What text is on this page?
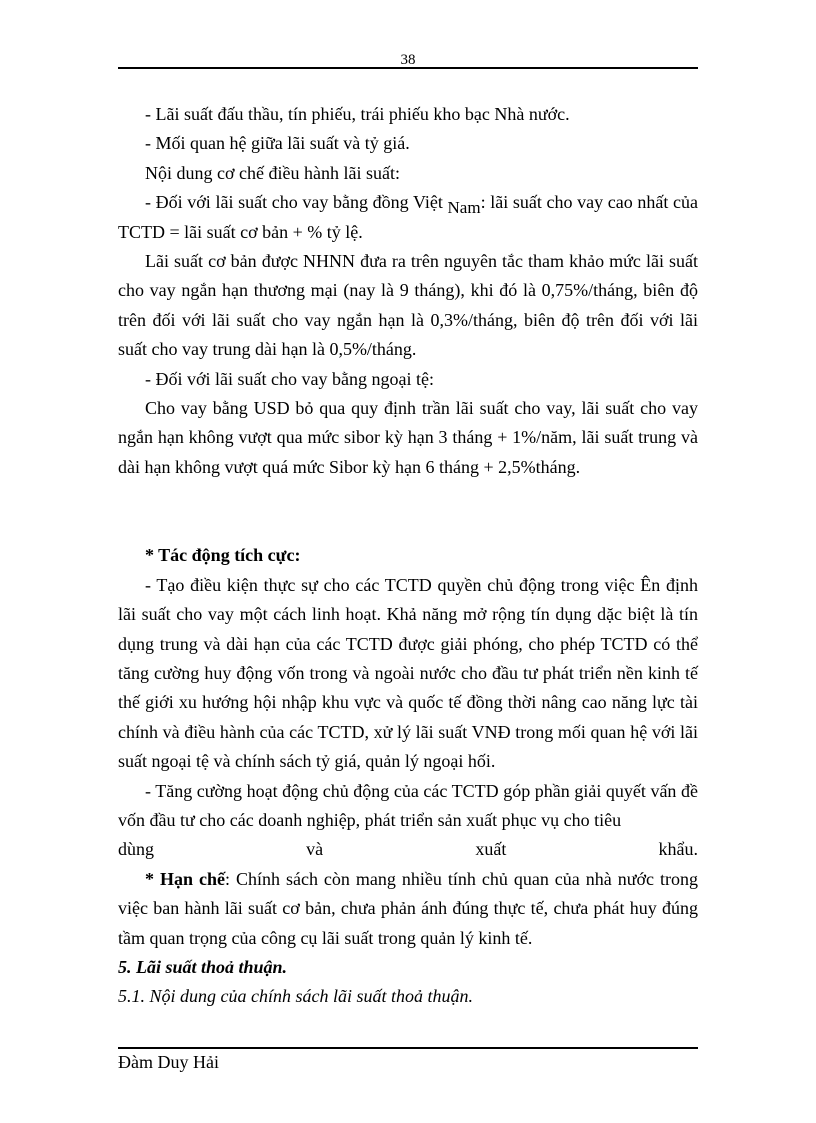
38

- Lãi suất đấu thầu, tín phiếu, trái phiếu kho bạc Nhà nước.

- Mối quan hệ giữa lãi suất và tỷ giá.

Nội dung cơ chế điều hành lãi suất:

- Đối với lãi suất cho vay bằng đồng Việt Nam: lãi suất cho vay cao nhất của TCTD = lãi suất cơ bản + % tỷ lệ.

Lãi suất cơ bản được NHNN đưa ra trên nguyên tắc tham khảo mức lãi suất cho vay ngắn hạn thương mại (nay là 9 tháng), khi đó là 0,75%/tháng, biên độ trên đối với lãi suất cho vay ngắn hạn là 0,3%/tháng, biên độ trên đối với lãi suất cho vay trung dài hạn là 0,5%/tháng.

- Đối với lãi suất cho vay bằng ngoại tệ:

Cho vay bằng USD bỏ qua quy định trần lãi suất cho vay, lãi suất cho vay ngắn hạn không vượt qua mức sibor kỳ hạn 3 tháng + 1%/năm, lãi suất trung và dài hạn không vượt quá mức Sibor kỳ hạn 6 tháng + 2,5%tháng.

* Tác động tích cực:

- Tạo điều kiện thực sự cho các TCTD quyền chủ động trong việc Ên định lãi suất cho vay một cách linh hoạt. Khả năng mở rộng tín dụng dặc biệt là tín dụng trung và dài hạn của các TCTD được giải phóng, cho phép TCTD có thể tăng cường huy động vốn trong và ngoài nước cho đầu tư phát triển nền kinh tế thế giới xu hướng hội nhập khu vực và quốc tế đồng thời nâng cao năng lực tài chính và điều hành của các TCTD, xử lý lãi suất VNĐ trong mối quan hệ với lãi suất ngoại tệ và chính sách tỷ giá, quản lý ngoại hối.

- Tăng cường hoạt động chủ động của các TCTD góp phần giải quyết vấn đề vốn đầu tư cho các doanh nghiệp, phát triển sản xuất phục vụ cho tiêu

dùng và xuất khẩu.

* Hạn chế: Chính sách còn mang nhiều tính chủ quan của nhà nước trong việc ban hành lãi suất cơ bản, chưa phản ánh đúng thực tế, chưa phát huy đúng tầm quan trọng của công cụ lãi suất trong quản lý kinh tế.

5. Lãi suất thoả thuận.

5.1. Nội dung của chính sách lãi suất thoả thuận.

Đàm Duy Hải
